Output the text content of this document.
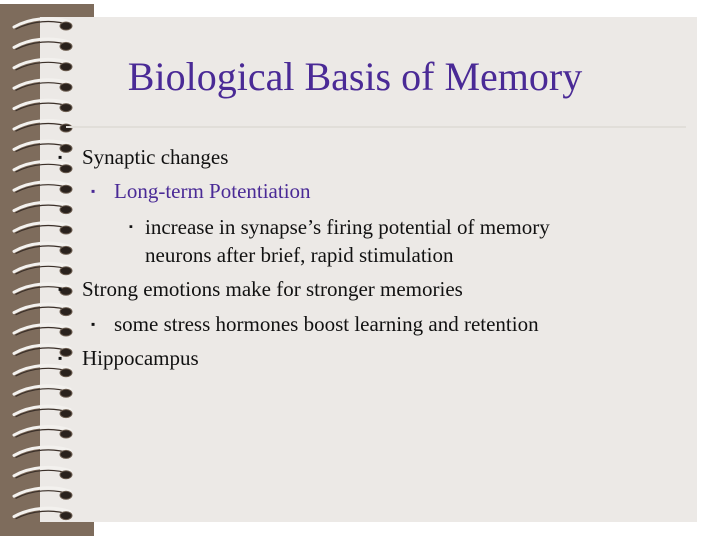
Biological Basis of Memory
▪ Synaptic changes
▪ Long-term Potentiation
▪ increase in synapse’s firing potential of memory
neurons after brief, rapid stimulation
▪ Strong emotions make for stronger memories
▪ some stress hormones boost learning and retention
▪ Hippocampus
